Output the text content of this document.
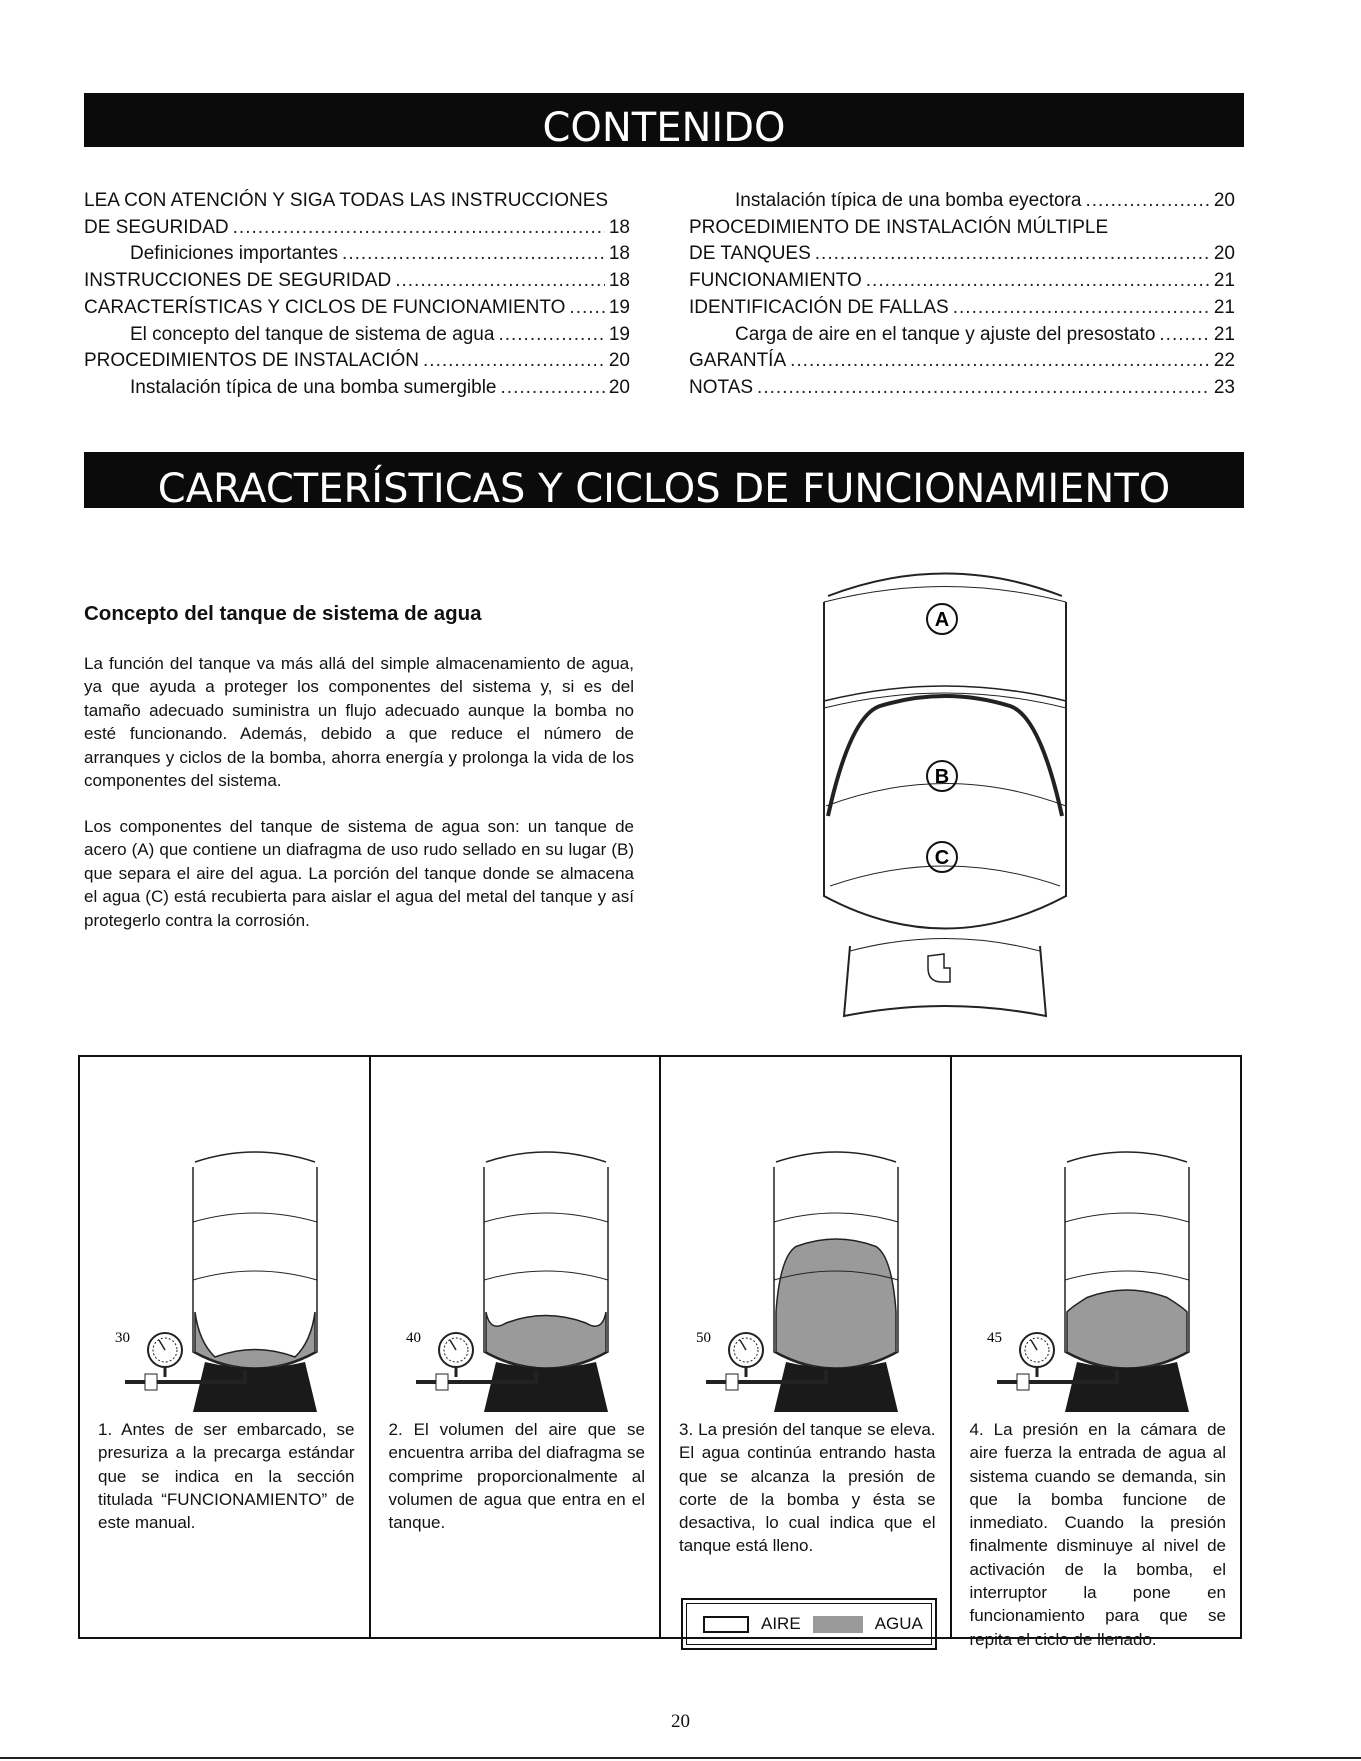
CONTENIDO
LEA CON ATENCIÓN Y SIGA TODAS LAS INSTRUCCIONES
DE SEGURIDAD .....	18
Definiciones importantes .....	18
INSTRUCCIONES DE SEGURIDAD .....	18
CARACTERÍSTICAS Y CICLOS DE FUNCIONAMIENTO ..... 19
El concepto del tanque de sistema de agua .....	19
PROCEDIMIENTOS DE INSTALACIÓN .....	20
Instalación típica de una bomba sumergible .....	20
Instalación típica de una bomba eyectora .....	20
PROCEDIMIENTO DE INSTALACIÓN MÚLTIPLE
DE TANQUES .....	20
FUNCIONAMIENTO .....	21
IDENTIFICACIÓN DE FALLAS .....	21
Carga de aire en el tanque y ajuste del presostato .....	21
GARANTÍA .....	22
NOTAS .....	23
CARACTERÍSTICAS Y CICLOS DE FUNCIONAMIENTO
Concepto del tanque de sistema de agua

La función del tanque va más allá del simple almacenamiento de agua, ya que ayuda a proteger los componentes del sistema y, si es del tamaño adecuado suministra un flujo adecuado aunque la bomba no esté funcionando. Además, debido a que reduce el número de arranques y ciclos de la bomba, ahorra energía y prolonga la vida de los componentes del sistema.

Los componentes del tanque de sistema de agua son: un tanque de acero (A) que contiene un diafragma de uso rudo sellado en su lugar (B) que separa el aire del agua. La porción del tanque donde se almacena el agua (C) está recubierta para aislar el agua del metal del tanque y así protegerlo contra la corrosión.

A
B
C
30

1. Antes de ser embarcado, se presuriza a la precarga estándar que se indica en la sección titulada “FUNCIONAMIENTO” de este manual.

40

2. El volumen del aire que se encuentra arriba del diafragma se comprime proporcionalmente al volumen de agua que entra en el tanque.

50

3. La presión del tanque se eleva. El agua continúa entrando hasta que se alcanza la presión de corte de la bomba y ésta se desactiva, lo cual indica que el tanque está lleno.

45

4. La presión en la cámara de aire fuerza la entrada de agua al sistema cuando se demanda, sin que la bomba funcione de inmediato. Cuando la presión finalmente disminuye al nivel de activación de la bomba, el interruptor la pone en funcionamiento para que se repita el ciclo de llenado.

AIRE	AGUA
20
